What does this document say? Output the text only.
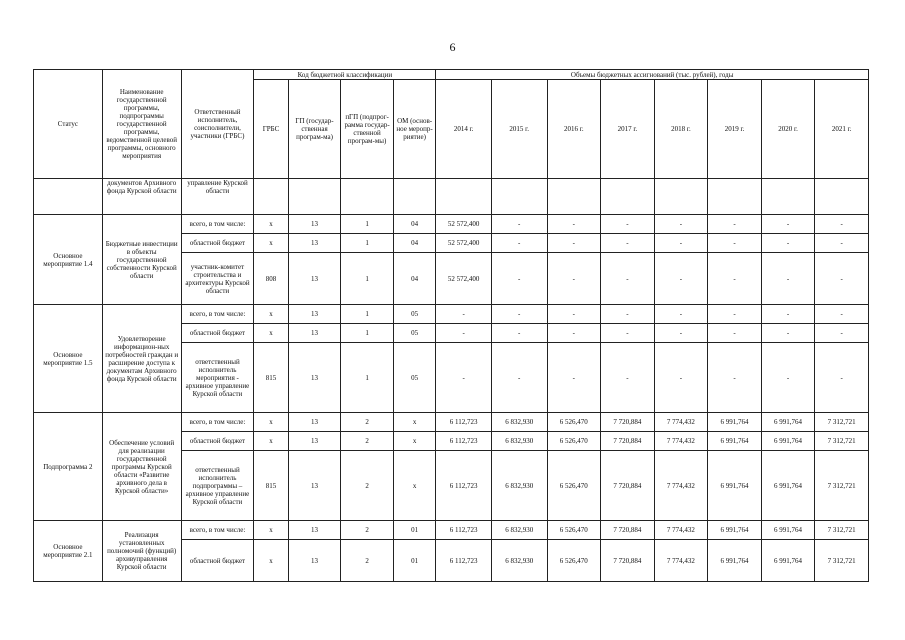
6
Статус	Наименование государственной программы, подпрограммы государственной программы, ведомственной целевой программы, основного мероприятия	Ответственный исполнитель, соисполнители, участники (ГРБС)	Код бюджетной классификации				Объемы бюджетных ассигнований (тыс. рублей), годы							
			ГРБС	ГП (государ-ственная програм-ма)	пГП (подпрог-рамма государ-ственной програм-мы)	ОМ (основ-ное меропр-риятие)	2014 г.	2015 г.	2016 г.	2017 г.	2018 г.	2019 г.	2020 г.	2021 г.
	документов Архивного фонда Курской области	управление Курской области												
Основное мероприятие 1.4	Бюджетные инвестиции в объекты государственной собственности Курской области	всего, в том числе:	х	13	1	04	52 572,400	-	-	-	-	-	-	-
		областной бюджет	х	13	1	04	52 572,400	-	-	-	-	-	-	-
		участник-комитет строительства и архитектуры Курской области	808	13	1	04	52 572,400	-	-	-	-	-	-	-
Основное мероприятие 1.5	Удовлетворение информацион-ных потребностей граждан и расширение доступа к документам Архивного фонда Курской области	всего, в том числе:	х	13	1	05	-	-	-	-	-	-	-	-
		областной бюджет	х	13	1	05	-	-	-	-	-	-	-	-
		ответственный исполнитель мероприятия - архивное управление Курской области	815	13	1	05	-	-	-	-	-	-	-	-
Подпрограмма 2	Обеспечение условий для реализации государственной программы Курской области «Развитие архивного дела в Курской области»	всего, в том числе:	х	13	2	х	6 112,723	6 832,930	6 526,470	7 720,884	7 774,432	6 991,764	6 991,764	7 312,721
		областной бюджет	х	13	2	х	6 112,723	6 832,930	6 526,470	7 720,884	7 774,432	6 991,764	6 991,764	7 312,721
		ответственный исполнитель подпрограммы – архивное управление Курской области	815	13	2	х	6 112,723	6 832,930	6 526,470	7 720,884	7 774,432	6 991,764	6 991,764	7 312,721
Основное мероприятие 2.1	Реализация установленных полномочий (функций) архивуправления Курской области	всего, в том числе:	х	13	2	01	6 112,723	6 832,930	6 526,470	7 720,884	7 774,432	6 991,764	6 991,764	7 312,721
		областной бюджет	х	13	2	01	6 112,723	6 832,930	6 526,470	7 720,884	7 774,432	6 991,764	6 991,764	7 312,721
